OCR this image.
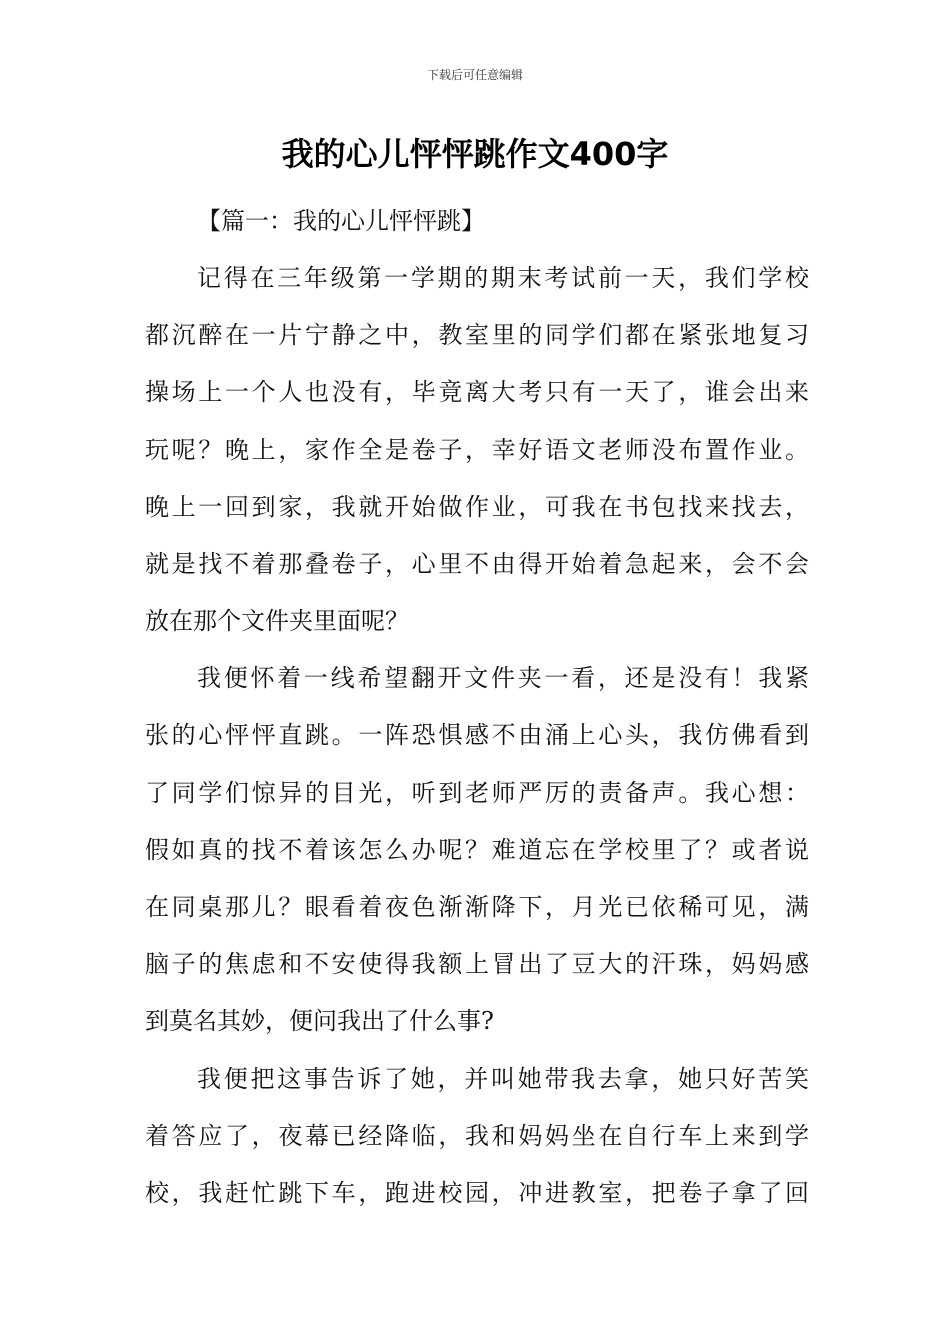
下载后可任意编辑
我的心儿怦怦跳作文400字
【篇一：我的心儿怦怦跳】
记得在三年级第一学期的期末考试前一天，我们学校
都沉醉在一片宁静之中，教室里的同学们都在紧张地复习
操场上一个人也没有，毕竟离大考只有一天了，谁会出来
玩呢？晚上，家作全是卷子，幸好语文老师没布置作业。
晚上一回到家，我就开始做作业，可我在书包找来找去，
就是找不着那叠卷子，心里不由得开始着急起来，会不会
放在那个文件夹里面呢？
我便怀着一线希望翻开文件夹一看，还是没有！我紧
张的心怦怦直跳。一阵恐惧感不由涌上心头，我仿佛看到
了同学们惊异的目光，听到老师严厉的责备声。我心想：
假如真的找不着该怎么办呢？难道忘在学校里了？或者说
在同桌那儿？眼看着夜色渐渐降下，月光已依稀可见，满
脑子的焦虑和不安使得我额上冒出了豆大的汗珠，妈妈感
到莫名其妙，便问我出了什么事?
我便把这事告诉了她，并叫她带我去拿，她只好苦笑
着答应了，夜幕已经降临，我和妈妈坐在自行车上来到学
校，我赶忙跳下车，跑进校园，冲进教室，把卷子拿了回
